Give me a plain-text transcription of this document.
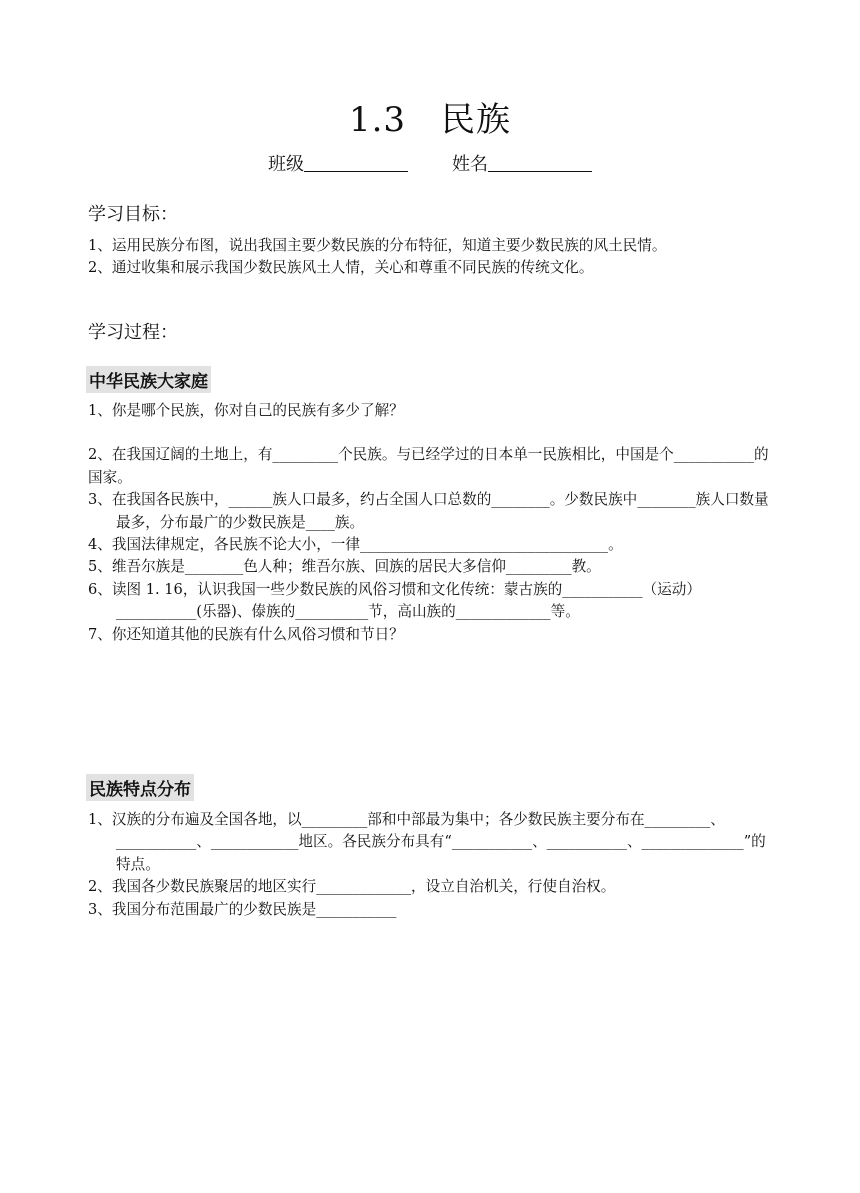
1.3　民族
班级	姓名
学习目标：

1、运用民族分布图，说出我国主要少数民族的分布特征，知道主要少数民族的风土民情。

2、通过收集和展示我国少数民族风土人情，关心和尊重不同民族的传统文化。

学习过程：
中华民族大家庭

1、你是哪个民族，你对自己的民族有多少了解？

2、在我国辽阔的土地上，有_________个民族。与已经学过的日本单一民族相比，中国是个___________的国家。

3、在我国各民族中，______族人口最多，约占全国人口总数的________。少数民族中________族人口数量最多，分布最广的少数民族是____族。

4、我国法律规定，各民族不论大小，一律__________________________________。

5、维吾尔族是________色人种；维吾尔族、回族的居民大多信仰_________教。

6、读图 1. 16，认识我国一些少数民族的风俗习惯和文化传统：蒙古族的___________（运动）___________(乐器)、傣族的__________节，高山族的_____________等。

7、你还知道其他的民族有什么风俗习惯和节日？

民族特点分布

1、汉族的分布遍及全国各地，以_________部和中部最为集中；各少数民族主要分布在_________、___________、____________地区。各民族分布具有“___________、___________、______________”的特点。

2、我国各少数民族聚居的地区实行_____________，设立自治机关，行使自治权。

3、我国分布范围最广的少数民族是___________
